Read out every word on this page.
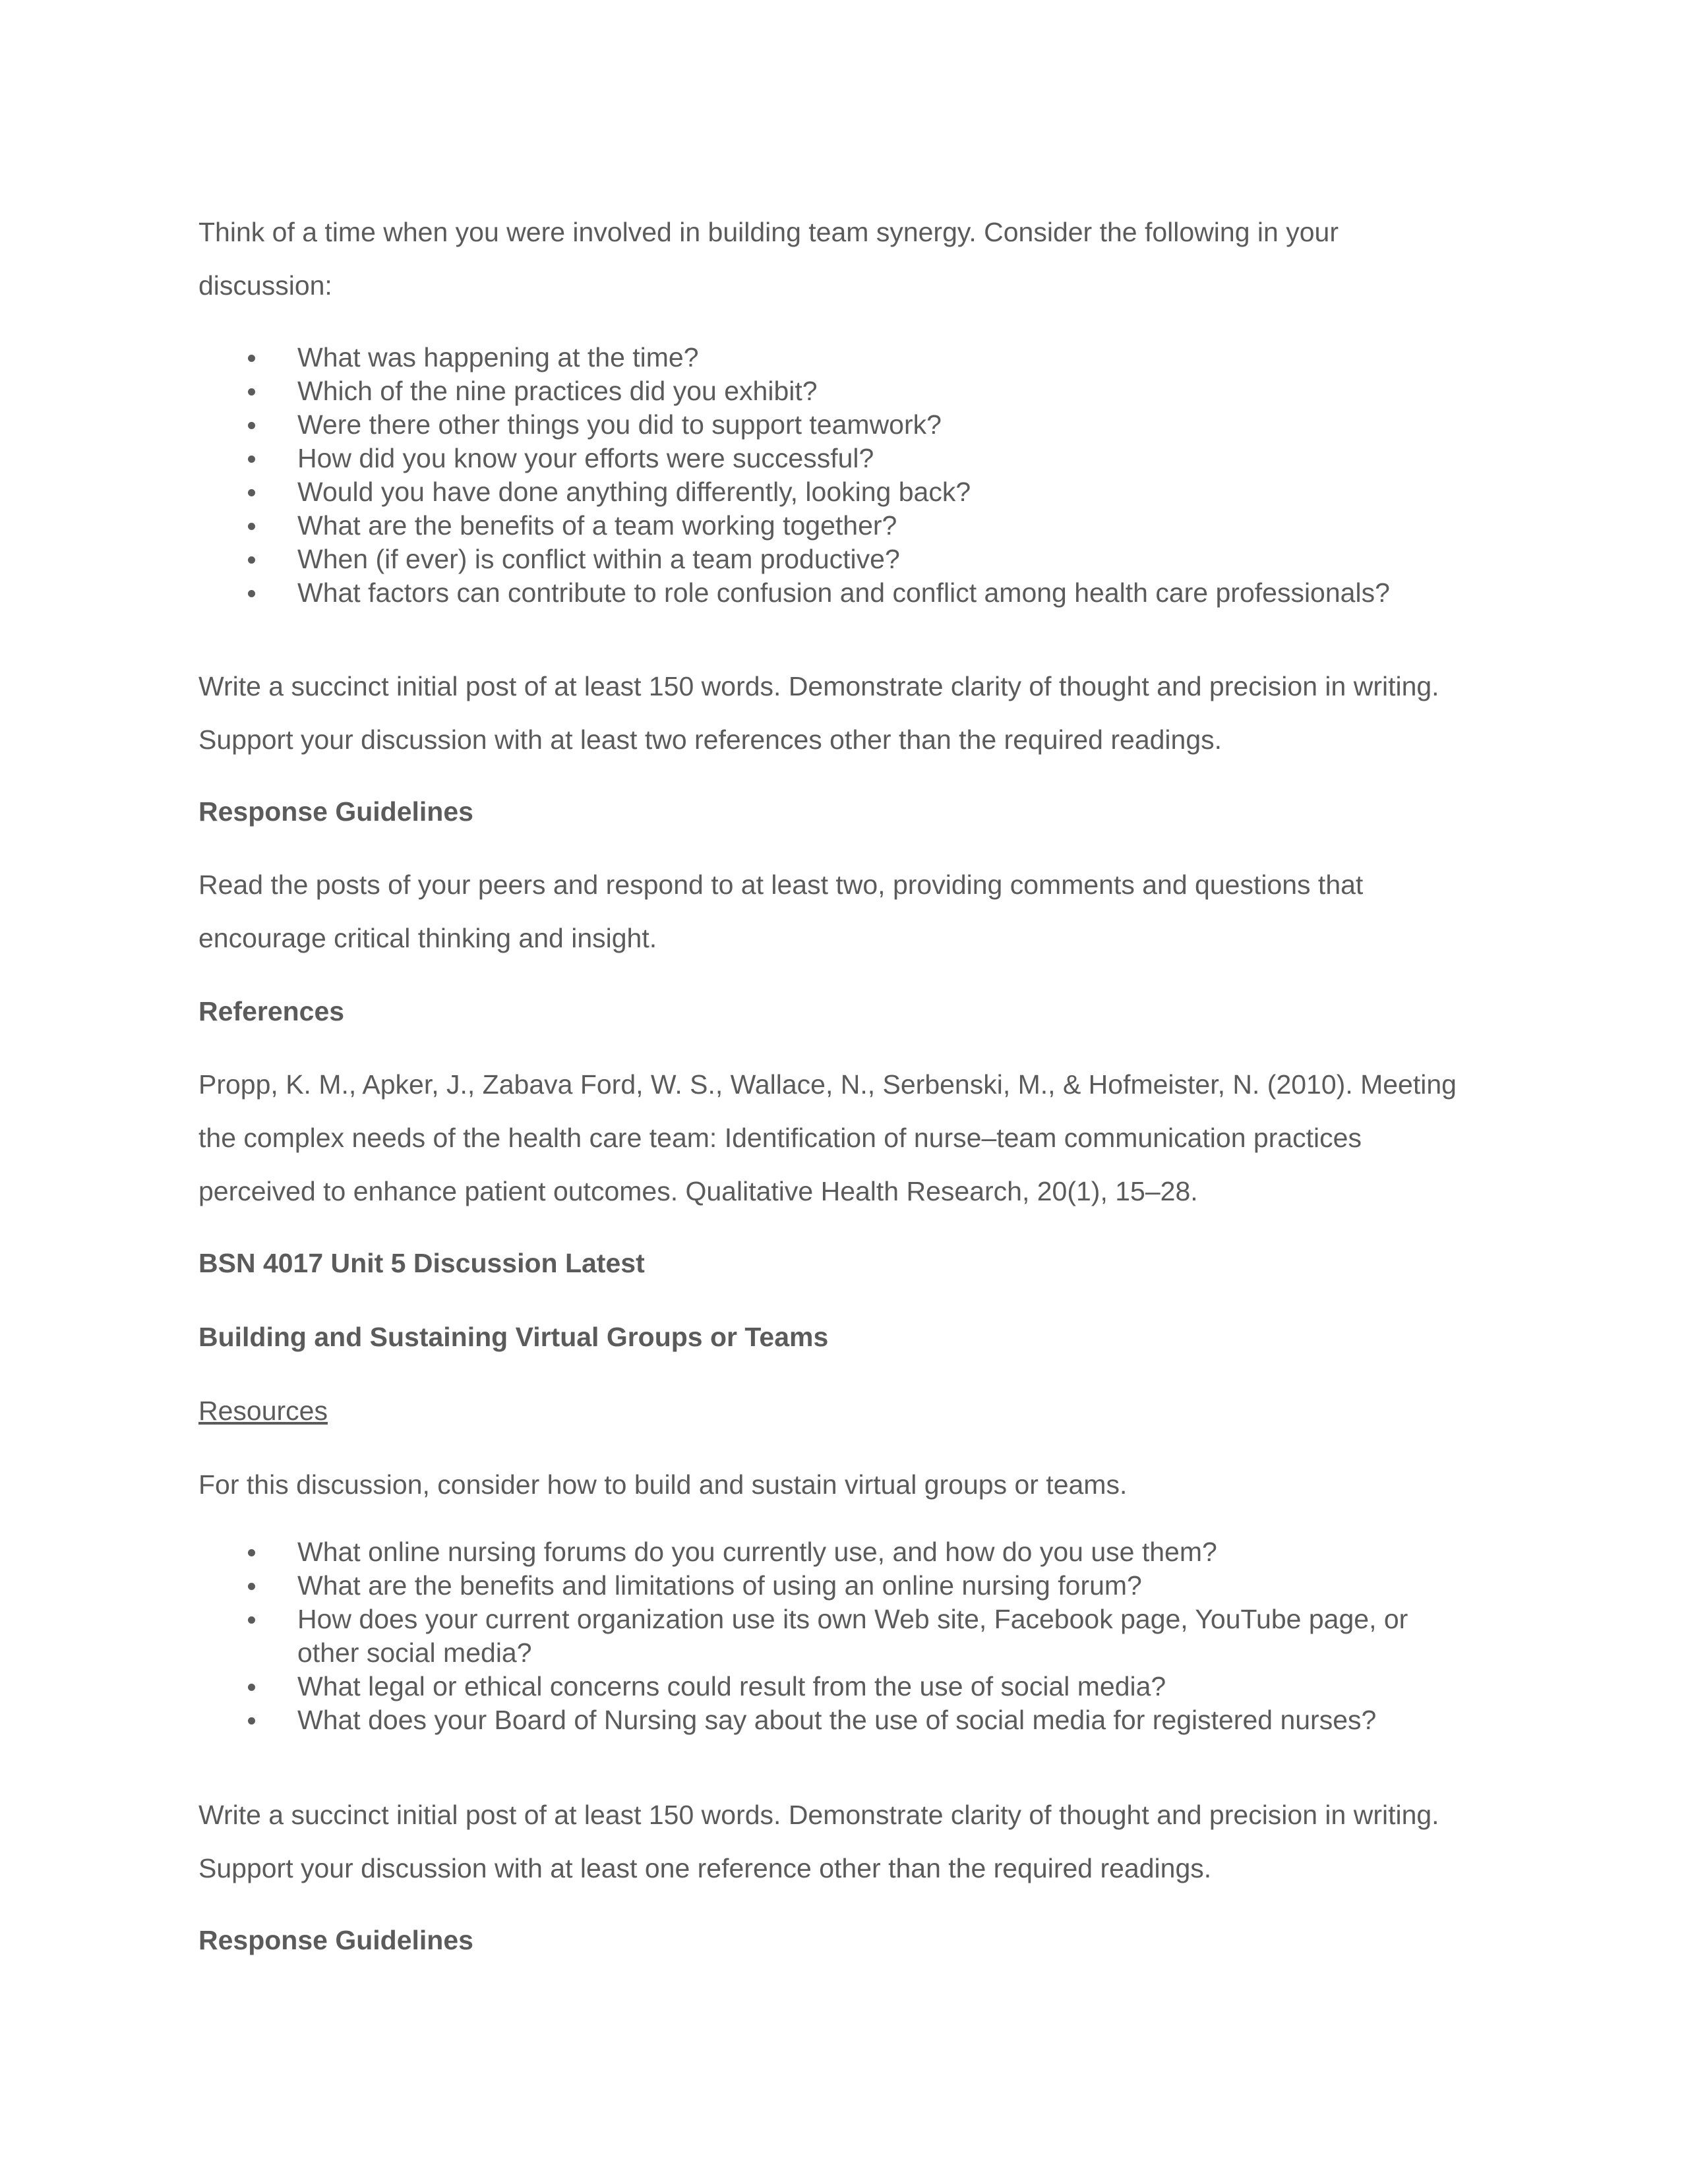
Think of a time when you were involved in building team synergy. Consider the following in your
discussion:

What was happening at the time?
Which of the nine practices did you exhibit?
Were there other things you did to support teamwork?
How did you know your efforts were successful?
Would you have done anything differently, looking back?
What are the benefits of a team working together?
When (if ever) is conflict within a team productive?
What factors can contribute to role confusion and conflict among health care professionals?

Write a succinct initial post of at least 150 words. Demonstrate clarity of thought and precision in writing.
Support your discussion with at least two references other than the required readings.

Response Guidelines

Read the posts of your peers and respond to at least two, providing comments and questions that
encourage critical thinking and insight.

References

Propp, K. M., Apker, J., Zabava Ford, W. S., Wallace, N., Serbenski, M., & Hofmeister, N. (2010). Meeting
the complex needs of the health care team: Identification of nurse–team communication practices
perceived to enhance patient outcomes. Qualitative Health Research, 20(1), 15–28.

BSN 4017 Unit 5 Discussion Latest

Building and Sustaining Virtual Groups or Teams

Resources

For this discussion, consider how to build and sustain virtual groups or teams.

What online nursing forums do you currently use, and how do you use them?
What are the benefits and limitations of using an online nursing forum?
How does your current organization use its own Web site, Facebook page, YouTube page, or other social media?
What legal or ethical concerns could result from the use of social media?
What does your Board of Nursing say about the use of social media for registered nurses?

Write a succinct initial post of at least 150 words. Demonstrate clarity of thought and precision in writing.
Support your discussion with at least one reference other than the required readings.

Response Guidelines
